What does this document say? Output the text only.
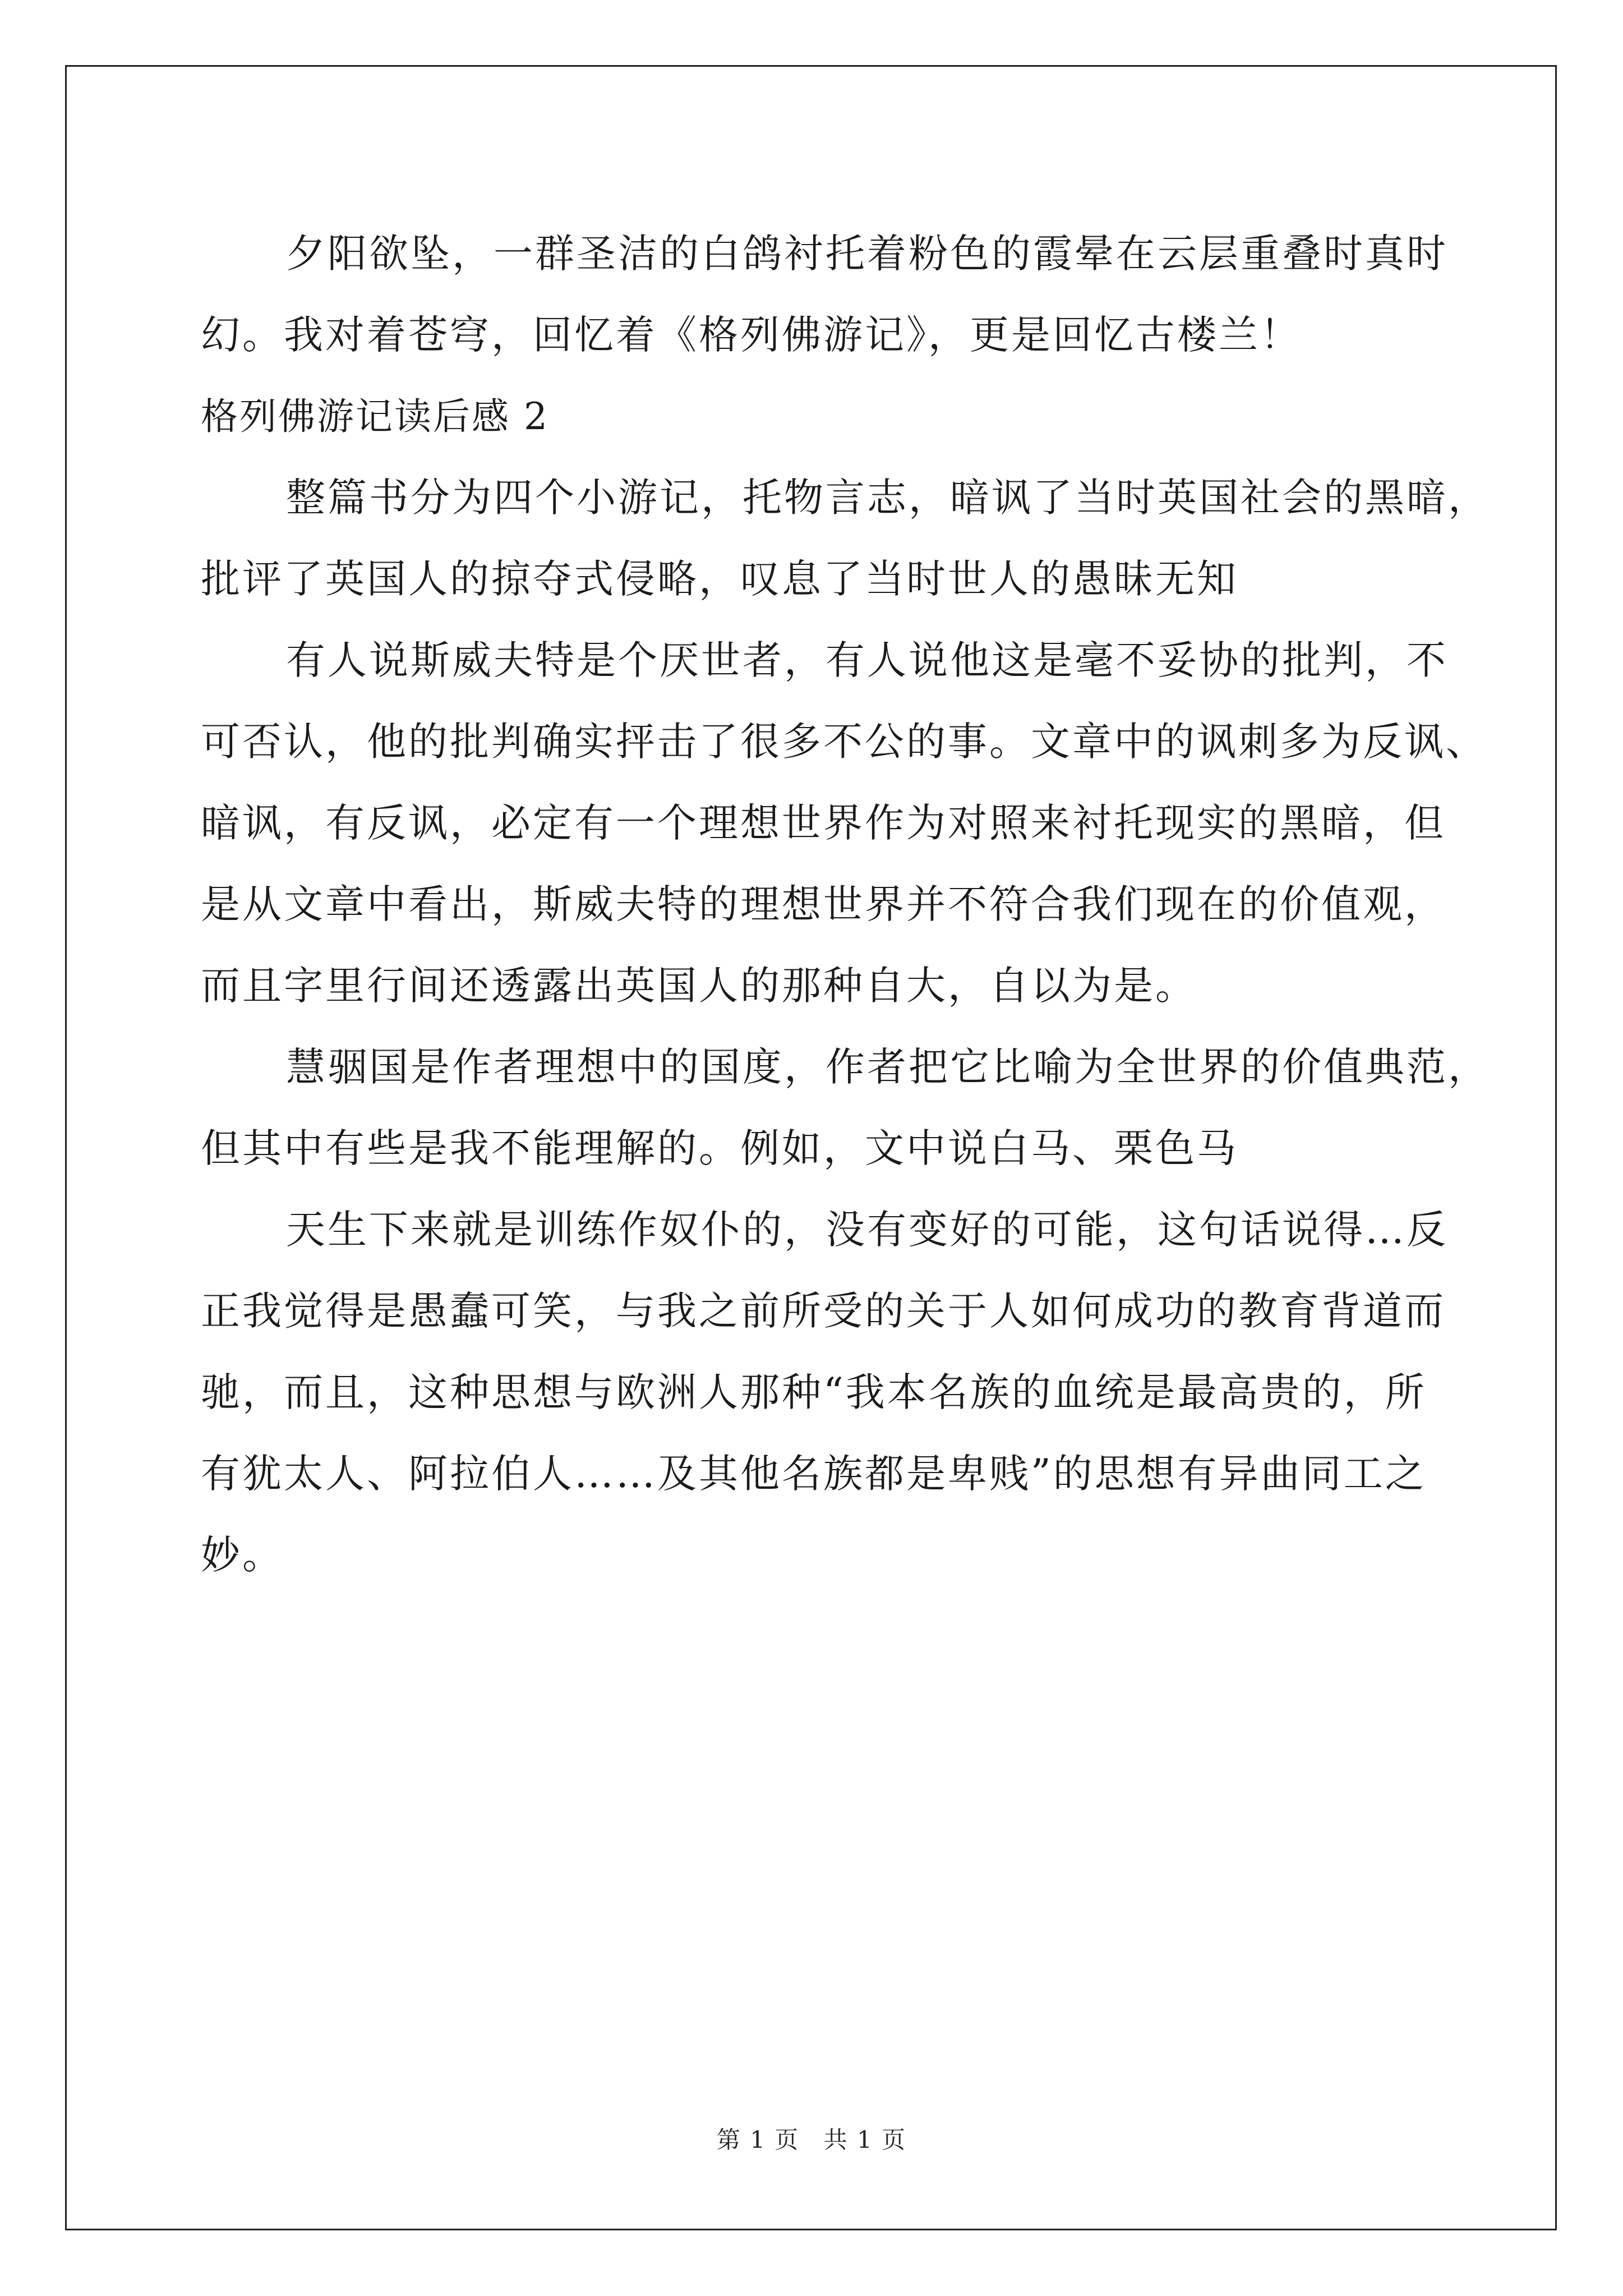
夕阳欲坠，一群圣洁的白鸽衬托着粉色的霞晕在云层重叠时真时
幻。我对着苍穹，回忆着《格列佛游记》，更是回忆古楼兰！

格列佛游记读后感 2

整篇书分为四个小游记，托物言志，暗讽了当时英国社会的黑暗，
批评了英国人的掠夺式侵略，叹息了当时世人的愚昧无知

有人说斯威夫特是个厌世者，有人说他这是毫不妥协的批判，不
可否认，他的批判确实抨击了很多不公的事。文章中的讽刺多为反讽、
暗讽，有反讽，必定有一个理想世界作为对照来衬托现实的黑暗，但
是从文章中看出，斯威夫特的理想世界并不符合我们现在的价值观，
而且字里行间还透露出英国人的那种自大，自以为是。

慧骃国是作者理想中的国度，作者把它比喻为全世界的价值典范，
但其中有些是我不能理解的。例如，文中说白马、栗色马

天生下来就是训练作奴仆的，没有变好的可能，这句话说得…反
正我觉得是愚蠢可笑，与我之前所受的关于人如何成功的教育背道而
驰，而且，这种思想与欧洲人那种“我本名族的血统是最高贵的，所
有犹太人、阿拉伯人……及其他名族都是卑贱”的思想有异曲同工之
妙。

第 1 页 共 1 页
